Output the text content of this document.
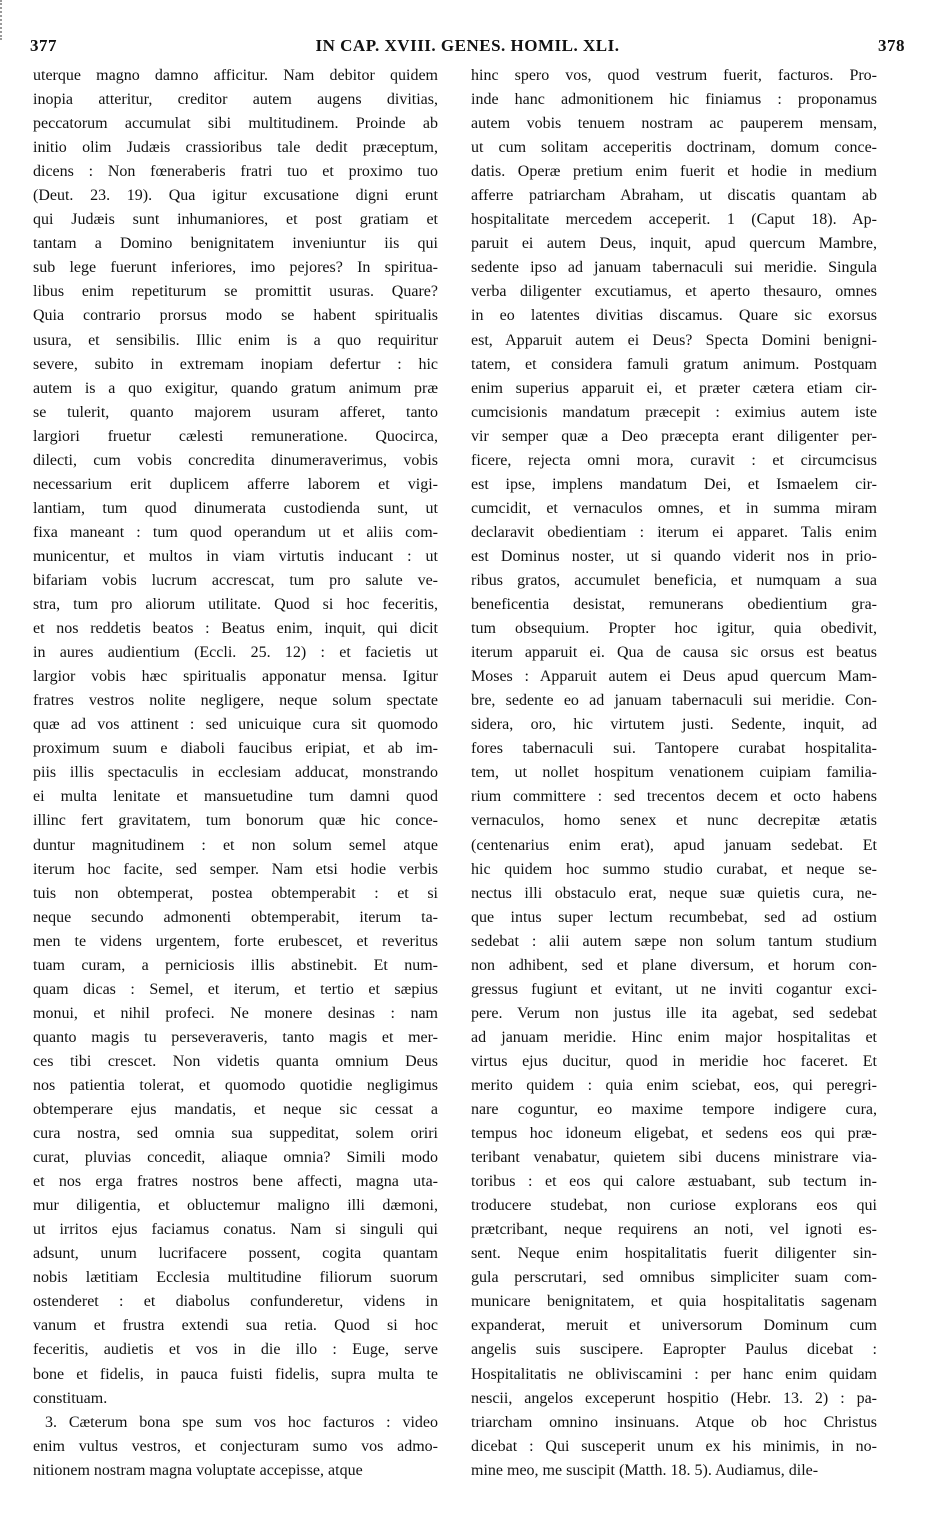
377	IN CAP. XVIII. GENES. HOMIL. XLI.	378
uterque magno damno afficitur. Nam debitor quidem
inopia atteritur, creditor autem augens divitias,
peccatorum accumulat sibi multitudinem. Proinde ab
initio olim Judæis crassioribus tale dedit præceptum,
dicens : Non fœneraberis fratri tuo et proximo tuo
(Deut. 23. 19). Qua igitur excusatione digni erunt
qui Judæis sunt inhumaniores, et post gratiam et
tantam a Domino benignitatem inveniuntur iis qui
sub lege fuerunt inferiores, imo pejores? In spiritua-
libus enim repetiturum se promittit usuras. Quare?
Quia contrario prorsus modo se habent spiritualis
usura, et sensibilis. Illic enim is a quo requiritur
severe, subito in extremam inopiam defertur : hic
autem is a quo exigitur, quando gratum animum præ
se tulerit, quanto majorem usuram afferet, tanto
largiori fruetur cælesti remuneratione. Quocirca,
dilecti, cum vobis concredita dinumeraverimus, vobis
necessarium erit duplicem afferre laborem et vigi-
lantiam, tum quod dinumerata custodienda sunt, ut
fixa maneant : tum quod operandum ut et aliis com-
municentur, et multos in viam virtutis inducant : ut
bifariam vobis lucrum accrescat, tum pro salute ve-
stra, tum pro aliorum utilitate. Quod si hoc feceritis,
et nos reddetis beatos : Beatus enim, inquit, qui dicit
in aures audientium (Eccli. 25. 12) : et facietis ut
largior vobis hæc spiritualis apponatur mensa. Igitur
fratres vestros nolite negligere, neque solum spectate
quæ ad vos attinent : sed unicuique cura sit quomodo
proximum suum e diaboli faucibus eripiat, et ab im-
piis illis spectaculis in ecclesiam adducat, monstrando
ei multa lenitate et mansuetudine tum damni quod
illinc fert gravitatem, tum bonorum quæ hic conce-
duntur magnitudinem : et non solum semel atque
iterum hoc facite, sed semper. Nam etsi hodie verbis
tuis non obtemperat, postea obtemperabit : et si
neque secundo admonenti obtemperabit, iterum ta-
men te videns urgentem, forte erubescet, et reveritus
tuam curam, a perniciosis illis abstinebit. Et num-
quam dicas : Semel, et iterum, et tertio et sæpius
monui, et nihil profeci. Ne monere desinas : nam
quanto magis tu perseveraveris, tanto magis et mer-
ces tibi crescet. Non videtis quanta omnium Deus
nos patientia tolerat, et quomodo quotidie negligimus
obtemperare ejus mandatis, et neque sic cessat a
cura nostra, sed omnia sua suppeditat, solem oriri
curat, pluvias concedit, aliaque omnia? Simili modo
et nos erga fratres nostros bene affecti, magna uta-
mur diligentia, et obluctemur maligno illi dæmoni,
ut irritos ejus faciamus conatus. Nam si singuli qui
adsunt, unum lucrifacere possent, cogita quantam
nobis lætitiam Ecclesia multitudine filiorum suorum
ostenderet : et diabolus confunderetur, videns in
vanum et frustra extendi sua retia. Quod si hoc
feceritis, audietis et vos in die illo : Euge, serve
bone et fidelis, in pauca fuisti fidelis, supra multa te
constituam.
3. Cæterum bona spe sum vos hoc facturos : video
enim vultus vestros, et conjecturam sumo vos admo-
nitionem nostram magna voluptate accepisse, atque
hinc spero vos, quod vestrum fuerit, facturos. Pro-
inde hanc admonitionem hic finiamus : proponamus
autem vobis tenuem nostram ac pauperem mensam,
ut cum solitam acceperitis doctrinam, domum conce-
datis. Operæ pretium enim fuerit et hodie in medium
afferre patriarcham Abraham, ut discatis quantam ab
hospitalitate mercedem acceperit. 1 (Caput 18). Ap-
paruit ei autem Deus, inquit, apud quercum Mambre,
sedente ipso ad januam tabernaculi sui meridie. Singula
verba diligenter excutiamus, et aperto thesauro, omnes
in eo latentes divitias discamus. Quare sic exorsus
est, Apparuit autem ei Deus? Specta Domini benigni-
tatem, et considera famuli gratum animum. Postquam
enim superius apparuit ei, et præter cætera etiam cir-
cumcisionis mandatum præcepit : eximius autem iste
vir semper quæ a Deo præcepta erant diligenter per-
ficere, rejecta omni mora, curavit : et circumcisus
est ipse, implens mandatum Dei, et Ismaelem cir-
cumcidit, et vernaculos omnes, et in summa miram
declaravit obedientiam : iterum ei apparet. Talis enim
est Dominus noster, ut si quando viderit nos in prio-
ribus gratos, accumulet beneficia, et numquam a sua
beneficentia desistat, remunerans obedientium gra-
tum obsequium. Propter hoc igitur, quia obedivit,
iterum apparuit ei. Qua de causa sic orsus est beatus
Moses : Apparuit autem ei Deus apud quercum Mam-
bre, sedente eo ad januam tabernaculi sui meridie. Con-
sidera, oro, hic virtutem justi. Sedente, inquit, ad
fores tabernaculi sui. Tantopere curabat hospitalita-
tem, ut nollet hospitum venationem cuipiam familia-
rium committere : sed trecentos decem et octo habens
vernaculos, homo senex et nunc decrepitæ ætatis
(centenarius enim erat), apud januam sedebat. Et
hic quidem hoc summo studio curabat, et neque se-
nectus illi obstaculo erat, neque suæ quietis cura, ne-
que intus super lectum recumbebat, sed ad ostium
sedebat : alii autem sæpe non solum tantum studium
non adhibent, sed et plane diversum, et horum con-
gressus fugiunt et evitant, ut ne inviti cogantur exci-
pere. Verum non justus ille ita agebat, sed sedebat
ad januam meridie. Hinc enim major hospitalitas et
virtus ejus ducitur, quod in meridie hoc faceret. Et
merito quidem : quia enim sciebat, eos, qui peregri-
nare coguntur, eo maxime tempore indigere cura,
tempus hoc idoneum eligebat, et sedens eos qui præ-
teribant venabatur, quietem sibi ducens ministrare via-
toribus : et eos qui calore æstuabant, sub tectum in-
troducere studebat, non curiose explorans eos qui
prætcribant, neque requirens an noti, vel ignoti es-
sent. Neque enim hospitalitatis fuerit diligenter sin-
gula perscrutari, sed omnibus simpliciter suam com-
municare benignitatem, et quia hospitalitatis sagenam
expanderat, meruit et universorum Dominum cum
angelis suis suscipere. Eapropter Paulus dicebat :
Hospitalitatis ne obliviscamini : per hanc enim quidam
nescii, angelos exceperunt hospitio (Hebr. 13. 2) : pa-
triarcham omnino insinuans. Atque ob hoc Christus
dicebat : Qui susceperit unum ex his minimis, in no-
mine meo, me suscipit (Matth. 18. 5). Audiamus, dile-
